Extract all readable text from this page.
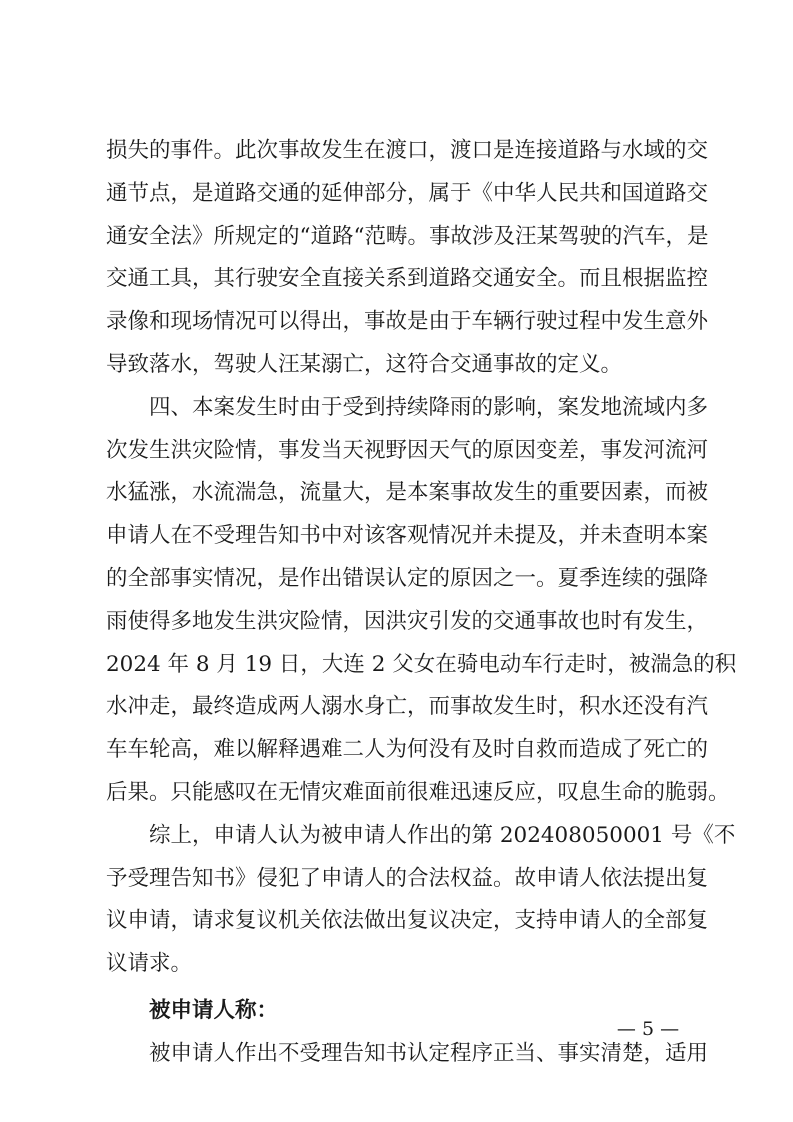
损失的事件。此次事故发生在渡口，渡口是连接道路与水域的交
通节点，是道路交通的延伸部分，属于《中华人民共和国道路交
通安全法》所规定的“道路“范畴。事故涉及汪某驾驶的汽车，是
交通工具，其行驶安全直接关系到道路交通安全。而且根据监控
录像和现场情况可以得出，事故是由于车辆行驶过程中发生意外
导致落水，驾驶人汪某溺亡，这符合交通事故的定义。
四、本案发生时由于受到持续降雨的影响，案发地流域内多
次发生洪灾险情，事发当天视野因天气的原因变差，事发河流河
水猛涨，水流湍急，流量大，是本案事故发生的重要因素，而被
申请人在不受理告知书中对该客观情况并未提及，并未查明本案
的全部事实情况，是作出错误认定的原因之一。夏季连续的强降
雨使得多地发生洪灾险情，因洪灾引发的交通事故也时有发生，
2024 年 8 月 19 日，大连 2 父女在骑电动车行走时，被湍急的积
水冲走，最终造成两人溺水身亡，而事故发生时，积水还没有汽
车车轮高，难以解释遇难二人为何没有及时自救而造成了死亡的
后果。只能感叹在无情灾难面前很难迅速反应，叹息生命的脆弱。
综上，申请人认为被申请人作出的第 202408050001 号《不
予受理告知书》侵犯了申请人的合法权益。故申请人依法提出复
议申请，请求复议机关依法做出复议决定，支持申请人的全部复
议请求。
被申请人称：
被申请人作出不受理告知书认定程序正当、事实清楚，适用
— 5 —
